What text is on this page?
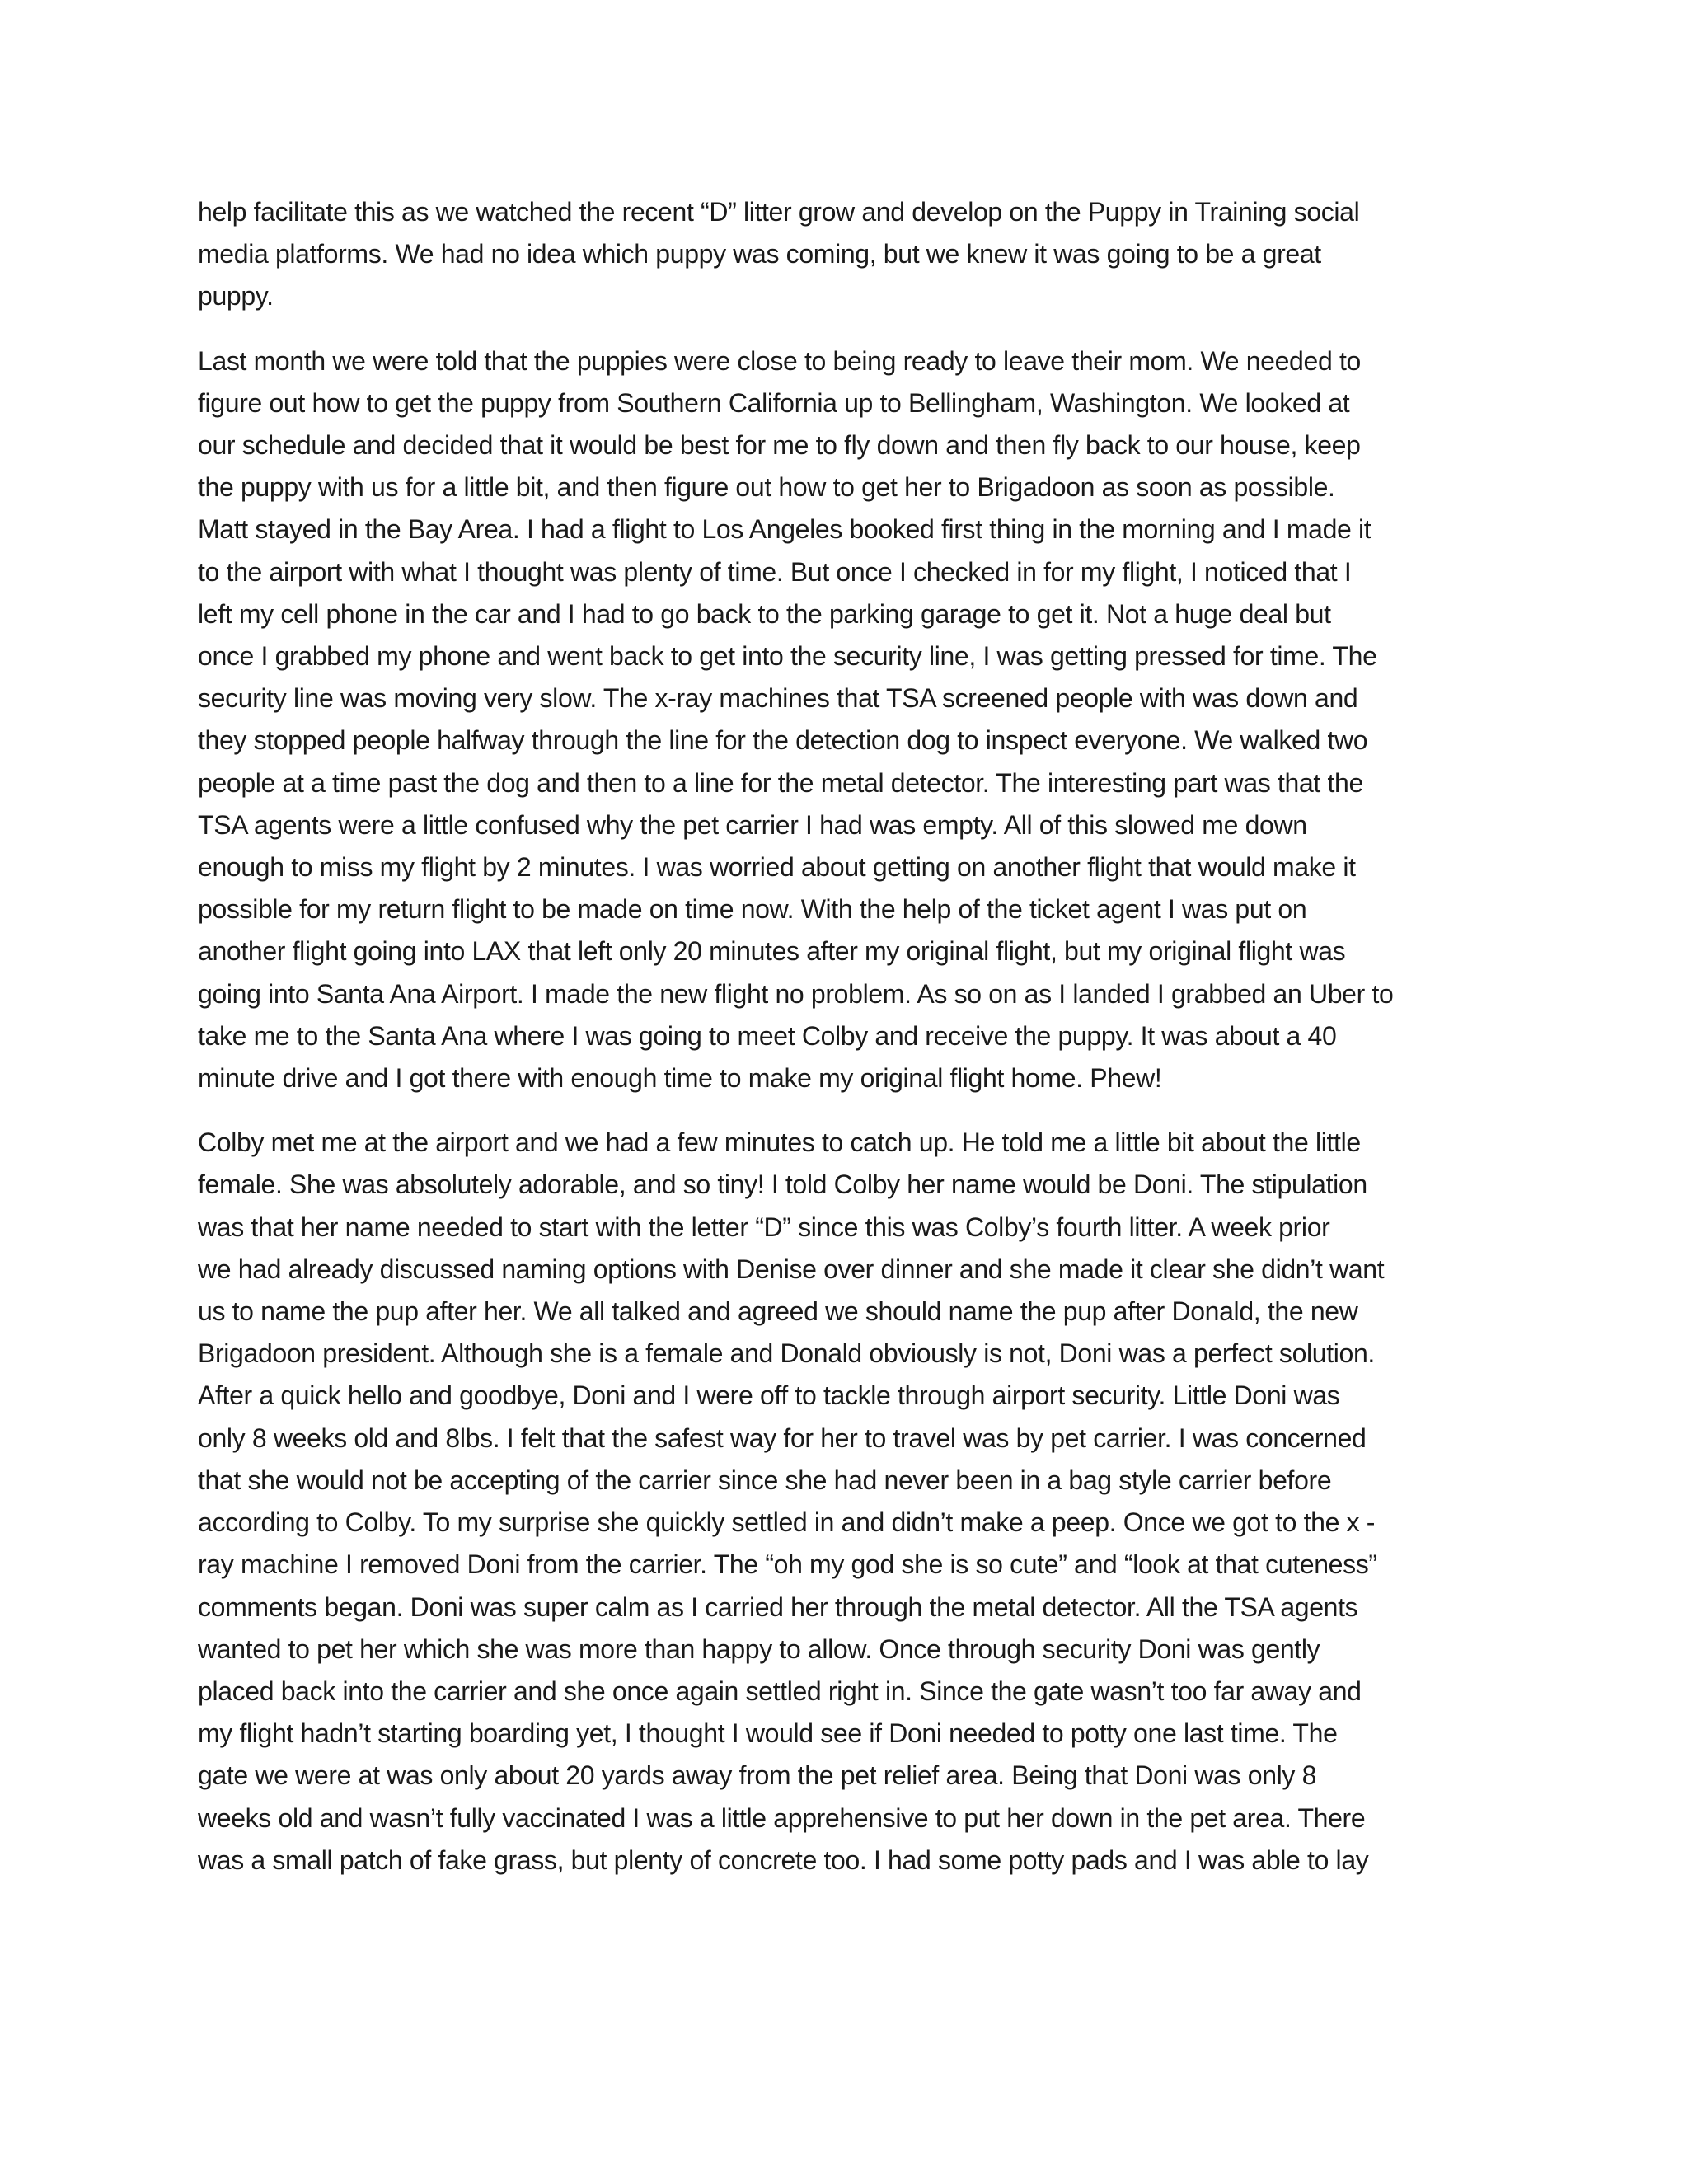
help facilitate this as we watched the recent “D” litter grow and develop on the Puppy in Training social
media platforms. We had no idea which puppy was coming, but we knew it was going to be a great
puppy.
Last month we were told that the puppies were close to being ready to leave their mom. We needed to
figure out how to get the puppy from Southern California up to Bellingham, Washington. We looked at
our schedule and decided that it would be best for me to fly down and then fly back to our house, keep
the puppy with us for a little bit, and then figure out how to get her to Brigadoon as soon as possible.
Matt stayed in the Bay Area. I had a flight to Los Angeles booked first thing in the morning and I made it
to the airport with what I thought was plenty of time. But once I checked in for my flight, I noticed that I
left my cell phone in the car and I had to go back to the parking garage to get it. Not a huge deal but
once I grabbed my phone and went back to get into the security line, I was getting pressed for time. The
security line was moving very slow. The x-ray machines that TSA screened people with was down and
they stopped people halfway through the line for the detection dog to inspect everyone. We walked two
people at a time past the dog and then to a line for the metal detector. The interesting part was that the
TSA agents were a little confused why the pet carrier I had was empty. All of this slowed me down
enough to miss my flight by 2 minutes. I was worried about getting on another flight that would make it
possible for my return flight to be made on time now. With the help of the ticket agent I was put on
another flight going into LAX that left only 20 minutes after my original flight, but my original flight was
going into Santa Ana Airport. I made the new flight no problem. As so on as I landed I grabbed an Uber to
take me to the Santa Ana where I was going to meet Colby and receive the puppy. It was about a 40
minute drive and I got there with enough time to make my original flight home. Phew!
Colby met me at the airport and we had a few minutes to catch up. He told me a little bit about the little
female. She was absolutely adorable, and so tiny! I told Colby her name would be Doni. The stipulation
was that her name needed to start with the letter “D” since this was Colby’s fourth litter. A week prior
we had already discussed naming options with Denise over dinner and she made it clear she didn’t want
us to name the pup after her. We all talked and agreed we should name the pup after Donald, the new
Brigadoon president. Although she is a female and Donald obviously is not, Doni was a perfect solution.
After a quick hello and goodbye, Doni and I were off to tackle through airport security. Little Doni was
only 8 weeks old and 8lbs. I felt that the safest way for her to travel was by pet carrier. I was concerned
that she would not be accepting of the carrier since she had never been in a bag style carrier before
according to Colby. To my surprise she quickly settled in and didn’t make a peep. Once we got to the x -
ray machine I removed Doni from the carrier. The “oh my god she is so cute” and “look at that cuteness”
comments began. Doni was super calm as I carried her through the metal detector. All the TSA agents
wanted to pet her which she was more than happy to allow. Once through security Doni was gently
placed back into the carrier and she once again settled right in. Since the gate wasn’t too far away and
my flight hadn’t starting boarding yet, I thought I would see if Doni needed to potty one last time. The
gate we were at was only about 20 yards away from the pet relief area. Being that Doni was only 8
weeks old and wasn’t fully vaccinated I was a little apprehensive to put her down in the pet area. There
was a small patch of fake grass, but plenty of concrete too. I had some potty pads and I was able to lay
